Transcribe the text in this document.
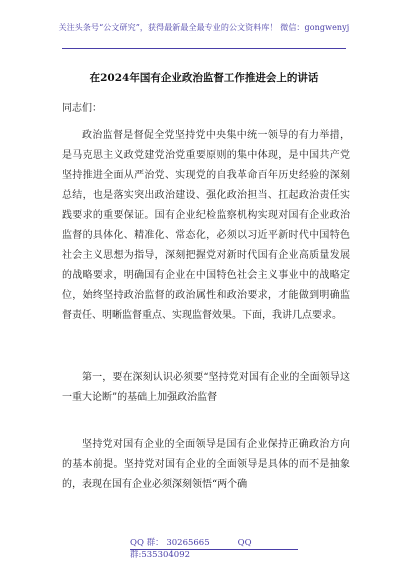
关注头条号“公文研究”，获得最新最全最专业的公文资料库！ 微信：gongwenyj
在2024年国有企业政治监督工作推进会上的讲话
同志们：
政治监督是督促全党坚持党中央集中统一领导的有力举措，是马克思主义政党建党治党重要原则的集中体现，是中国共产党坚持推进全面从严治党、实现党的自我革命百年历史经验的深刻总结，也是落实突出政治建设、强化政治担当、扛起政治责任实践要求的重要保证。国有企业纪检监察机构实现对国有企业政治监督的具体化、精准化、常态化，必须以习近平新时代中国特色社会主义思想为指导，深刻把握党对新时代国有企业高质量发展的战略要求，明确国有企业在中国特色社会主义事业中的战略定位，始终坚持政治监督的政治属性和政治要求，才能做到明确监督责任、明晰监督重点、实现监督效果。下面，我讲几点要求。
第一，要在深刻认识必须要“坚持党对国有企业的全面领导这一重大论断”的基础上加强政治监督
坚持党对国有企业的全面领导是国有企业保持正确政治方向的基本前提。坚持党对国有企业的全面领导是具体的而不是抽象的，表现在国有企业必须深刻领悟“两个确
QQ 群： 30265665	QQ 群:535304092
